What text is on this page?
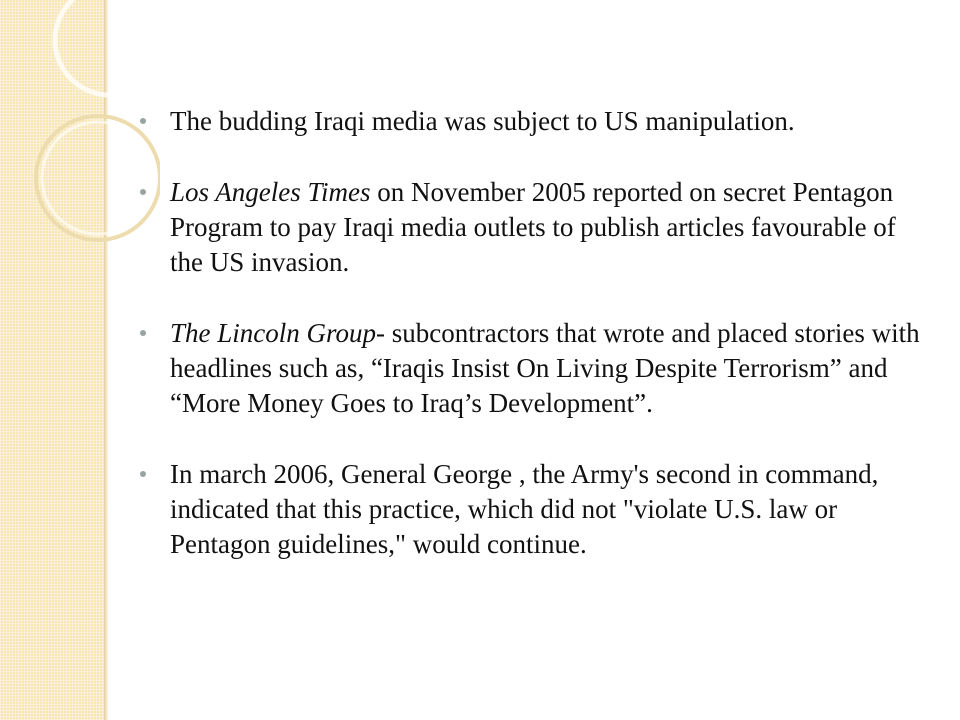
The budding Iraqi media was subject to US manipulation.
Los Angeles Times on November 2005 reported on secret Pentagon Program to pay Iraqi media outlets to publish articles favourable of the US invasion.
The Lincoln Group- subcontractors that wrote and placed stories with headlines such as, “Iraqis Insist On Living Despite Terrorism” and “More Money Goes to Iraq’s Development”.
In march 2006, General George , the Army's second in command, indicated that this practice, which did not "violate U.S. law or Pentagon guidelines," would continue.
